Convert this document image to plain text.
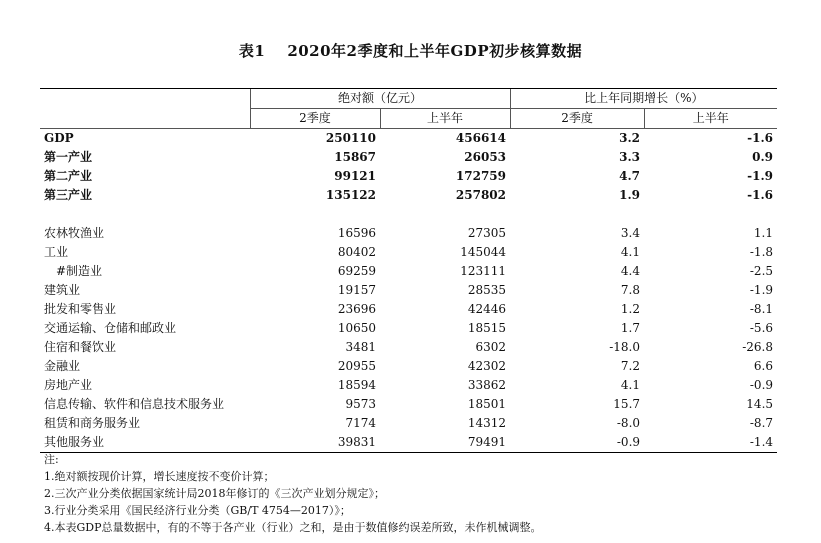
表1 2020年2季度和上半年GDP初步核算数据
	绝对额（亿元）		比上年同期增长（%）	
	2季度	上半年	2季度	上半年
GDP	250110	456614	3.2	-1.6
第一产业	15867	26053	3.3	0.9
第二产业	99121	172759	4.7	-1.9
第三产业	135122	257802	1.9	-1.6

农林牧渔业	16596	27305	3.4	1.1
工业	80402	145044	4.1	-1.8
#制造业	69259	123111	4.4	-2.5
建筑业	19157	28535	7.8	-1.9
批发和零售业	23696	42446	1.2	-8.1
交通运输、仓储和邮政业	10650	18515	1.7	-5.6
住宿和餐饮业	3481	6302	-18.0	-26.8
金融业	20955	42302	7.2	6.6
房地产业	18594	33862	4.1	-0.9
信息传输、软件和信息技术服务业	9573	18501	15.7	14.5
租赁和商务服务业	7174	14312	-8.0	-8.7
其他服务业	39831	79491	-0.9	-1.4
注:
1.绝对额按现价计算，增长速度按不变价计算；
2.三次产业分类依据国家统计局2018年修订的《三次产业划分规定》；
3.行业分类采用《国民经济行业分类（GB/T 4754—2017）》；
4.本表GDP总量数据中，有的不等于各产业（行业）之和，是由于数值修约误差所致，未作机械调整。
